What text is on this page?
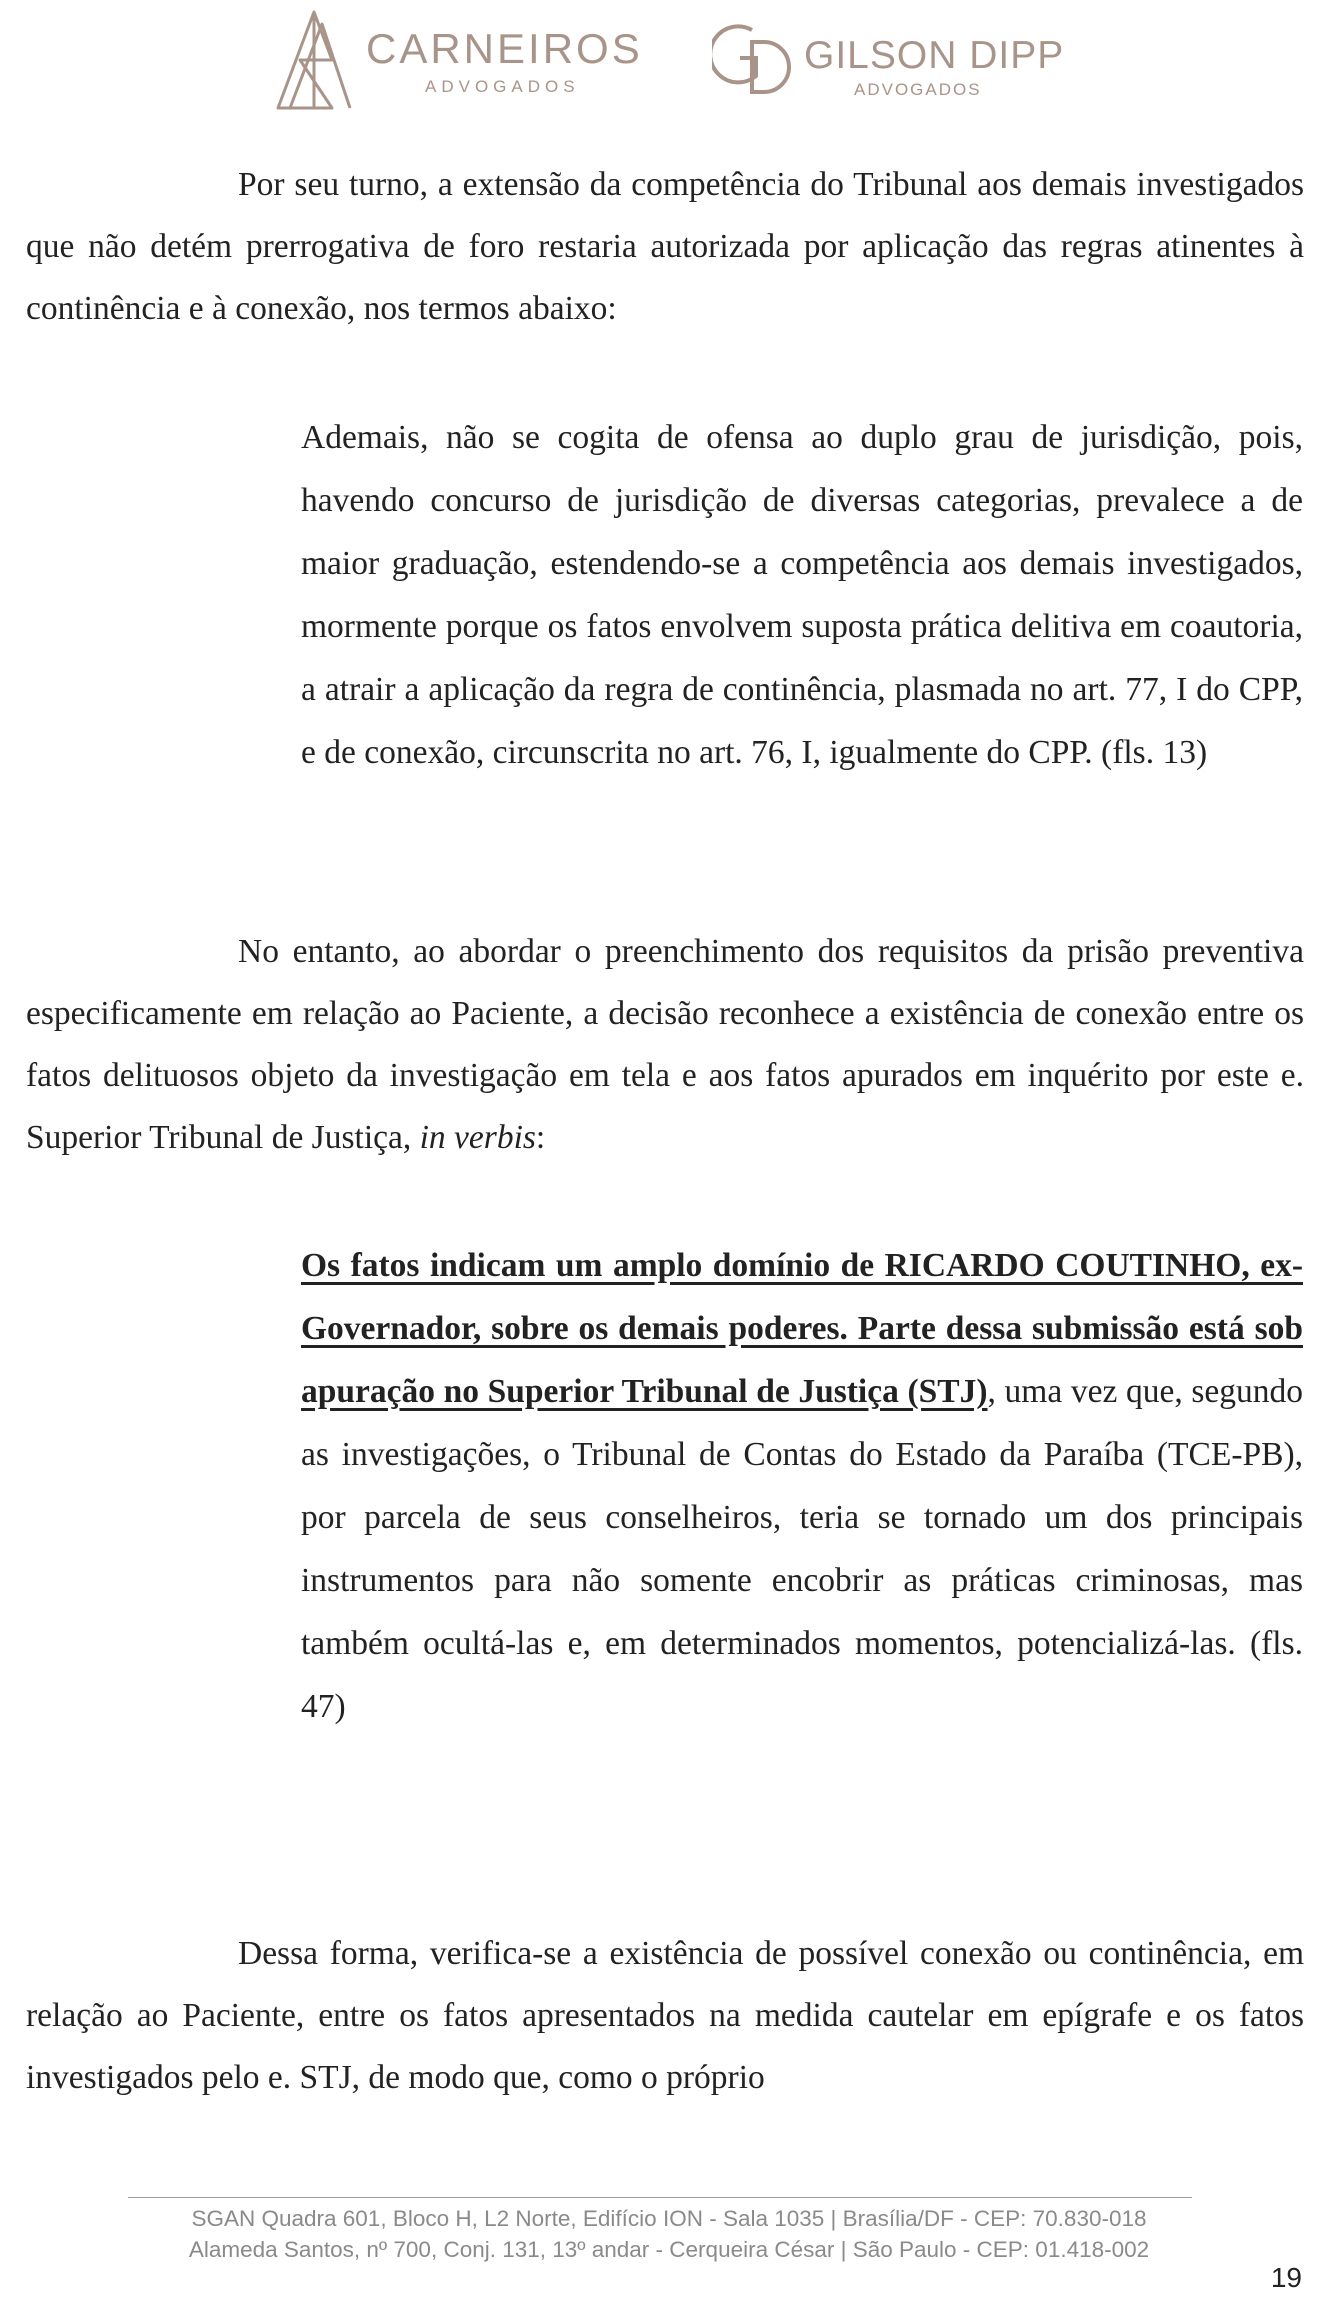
CARNEIROS
ADVOGADOS
GILSON DIPP
ADVOGADOS

Por seu turno, a extensão da competência do Tribunal aos demais investigados que não detém prerrogativa de foro restaria autorizada por aplicação das regras atinentes à continência e à conexão, nos termos abaixo:

Ademais, não se cogita de ofensa ao duplo grau de jurisdição, pois, havendo concurso de jurisdição de diversas categorias, prevalece a de maior graduação, estendendo-se a competência aos demais investigados, mormente porque os fatos envolvem suposta prática delitiva em coautoria, a atrair a aplicação da regra de continência, plasmada no art. 77, I do CPP, e de conexão, circunscrita no art. 76, I, igualmente do CPP. (fls. 13)

No entanto, ao abordar o preenchimento dos requisitos da prisão preventiva especificamente em relação ao Paciente, a decisão reconhece a existência de conexão entre os fatos delituosos objeto da investigação em tela e aos fatos apurados em inquérito por este e. Superior Tribunal de Justiça, in verbis:

Os fatos indicam um amplo domínio de RICARDO COUTINHO, ex-Governador, sobre os demais poderes. Parte dessa submissão está sob apuração no Superior Tribunal de Justiça (STJ), uma vez que, segundo as investigações, o Tribunal de Contas do Estado da Paraíba (TCE-PB), por parcela de seus conselheiros, teria se tornado um dos principais instrumentos para não somente encobrir as práticas criminosas, mas também ocultá-las e, em determinados momentos, potencializá-las. (fls. 47)

Dessa forma, verifica-se a existência de possível conexão ou continência, em relação ao Paciente, entre os fatos apresentados na medida cautelar em epígrafe e os fatos investigados pelo e. STJ, de modo que, como o próprio

SGAN Quadra 601, Bloco H, L2 Norte, Edifício ION - Sala 1035 | Brasília/DF - CEP: 70.830-018
Alameda Santos, nº 700, Conj. 131, 13º andar - Cerqueira César | São Paulo - CEP: 01.418-002
19
